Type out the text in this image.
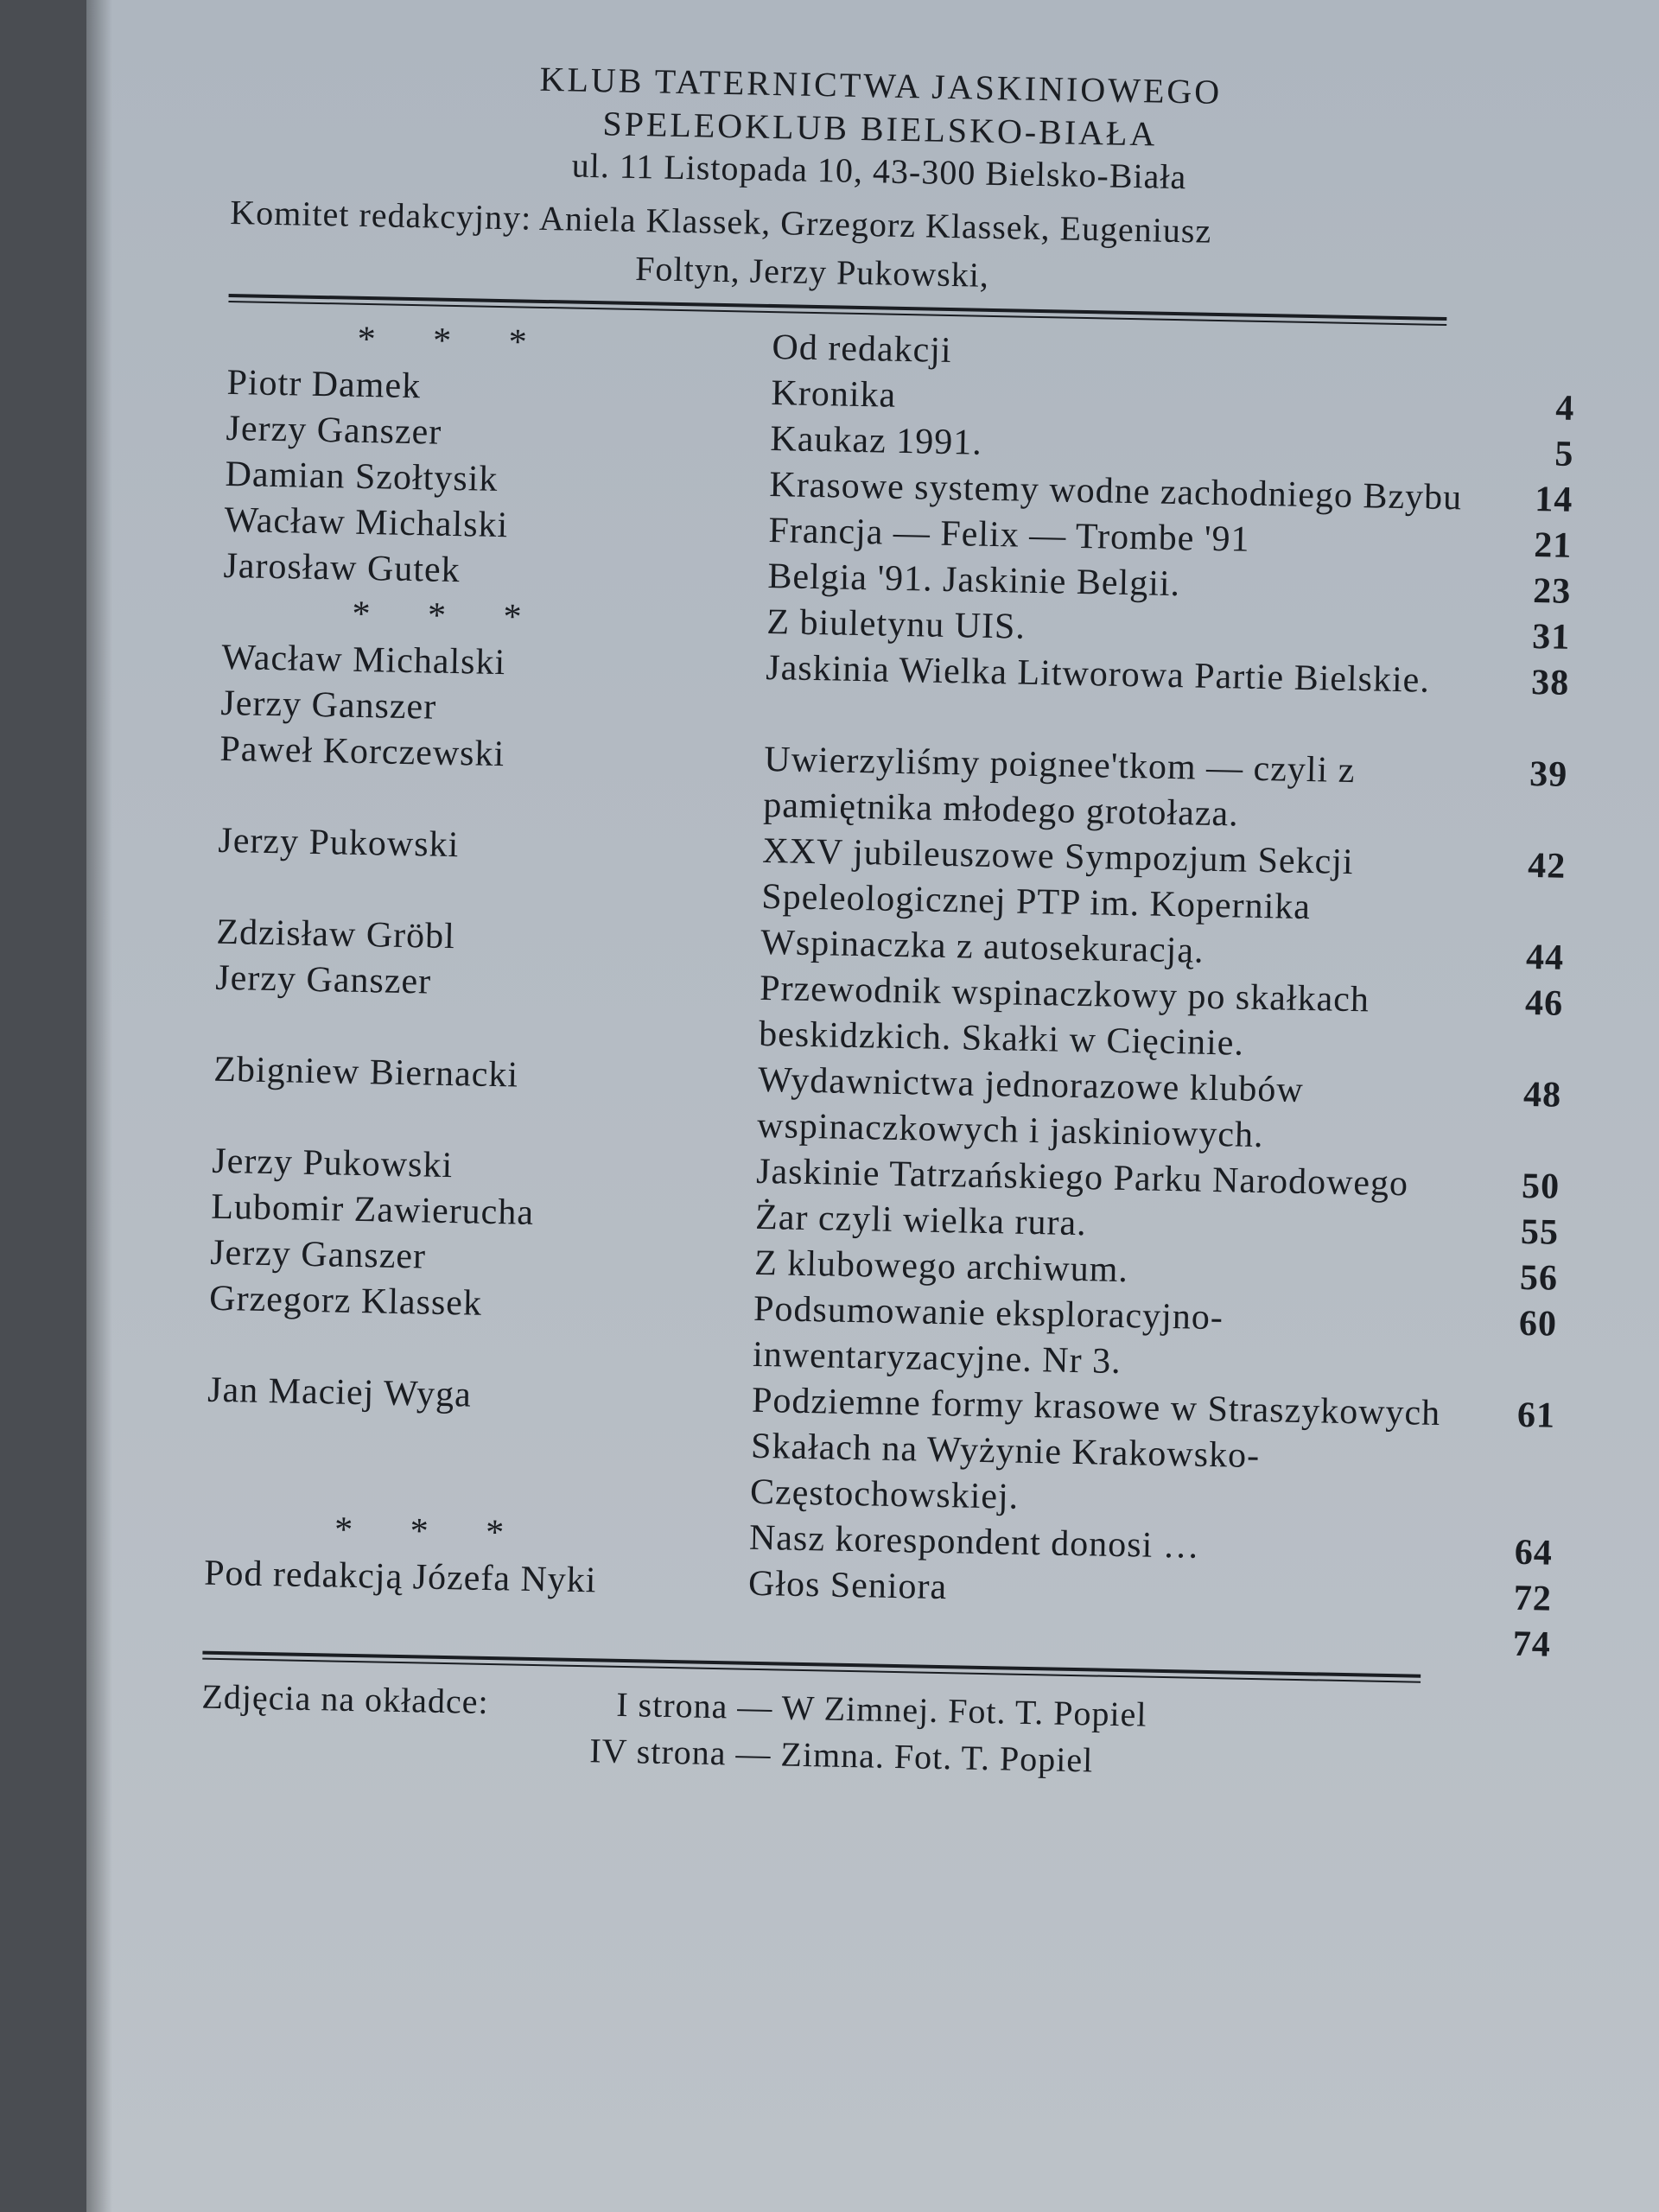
KLUB TATERNICTWA JASKINIOWEGO

SPELEOKLUB BIELSKO-BIAŁA

ul. 11 Listopada 10, 43-300 Bielsko-Biała

Komitet redakcyjny: Aniela Klassek, Grzegorz Klassek, Eugeniusz
Foltyn, Jerzy Pukowski,
* * *	Od redakcji	
Piotr Damek	Kronika	4
Jerzy Ganszer	Kaukaz 1991.	5
Damian Szołtysik	Krasowe systemy wodne zachodniego Bzybu	14
Wacław Michalski	Francja — Felix — Trombe '91	21
Jarosław Gutek	Belgia '91. Jaskinie Belgii.	23
* * *	Z biuletynu UIS.	31
Wacław Michalski	Jaskinia Wielka Litworowa Partie Bielskie.	38
Jerzy Ganszer		
Paweł Korczewski	Uwierzyliśmy poignee'tkom — czyli z pamiętnika młodego grotołaza.	39
Jerzy Pukowski	XXV jubileuszowe Sympozjum Sekcji Speleologicznej PTP im. Kopernika	42
Zdzisław Gröbl	Wspinaczka z autosekuracją.	44
Jerzy Ganszer	Przewodnik wspinaczkowy po skałkach beskidzkich. Skałki w Cięcinie.	46
Zbigniew Biernacki	Wydawnictwa jednorazowe klubów wspinaczkowych i jaskiniowych.	48
Jerzy Pukowski	Jaskinie Tatrzańskiego Parku Narodowego	50
Lubomir Zawierucha	Żar czyli wielka rura.	55
Jerzy Ganszer	Z klubowego archiwum.	56
Grzegorz Klassek	Podsumowanie eksploracyjno-inwentaryzacyjne. Nr 3.	60
Jan Maciej Wyga	Podziemne formy krasowe w Straszykowych Skałach na Wyżynie Krakowsko-Częstochowskiej.	61
* * *	Nasz korespondent donosi …	64
Pod redakcją Józefa Nyki	Głos Seniora	72
		74
Zdjęcia na okładce:	I strona — W Zimnej. Fot. T. Popiel
IV strona — Zimna. Fot. T. Popiel
